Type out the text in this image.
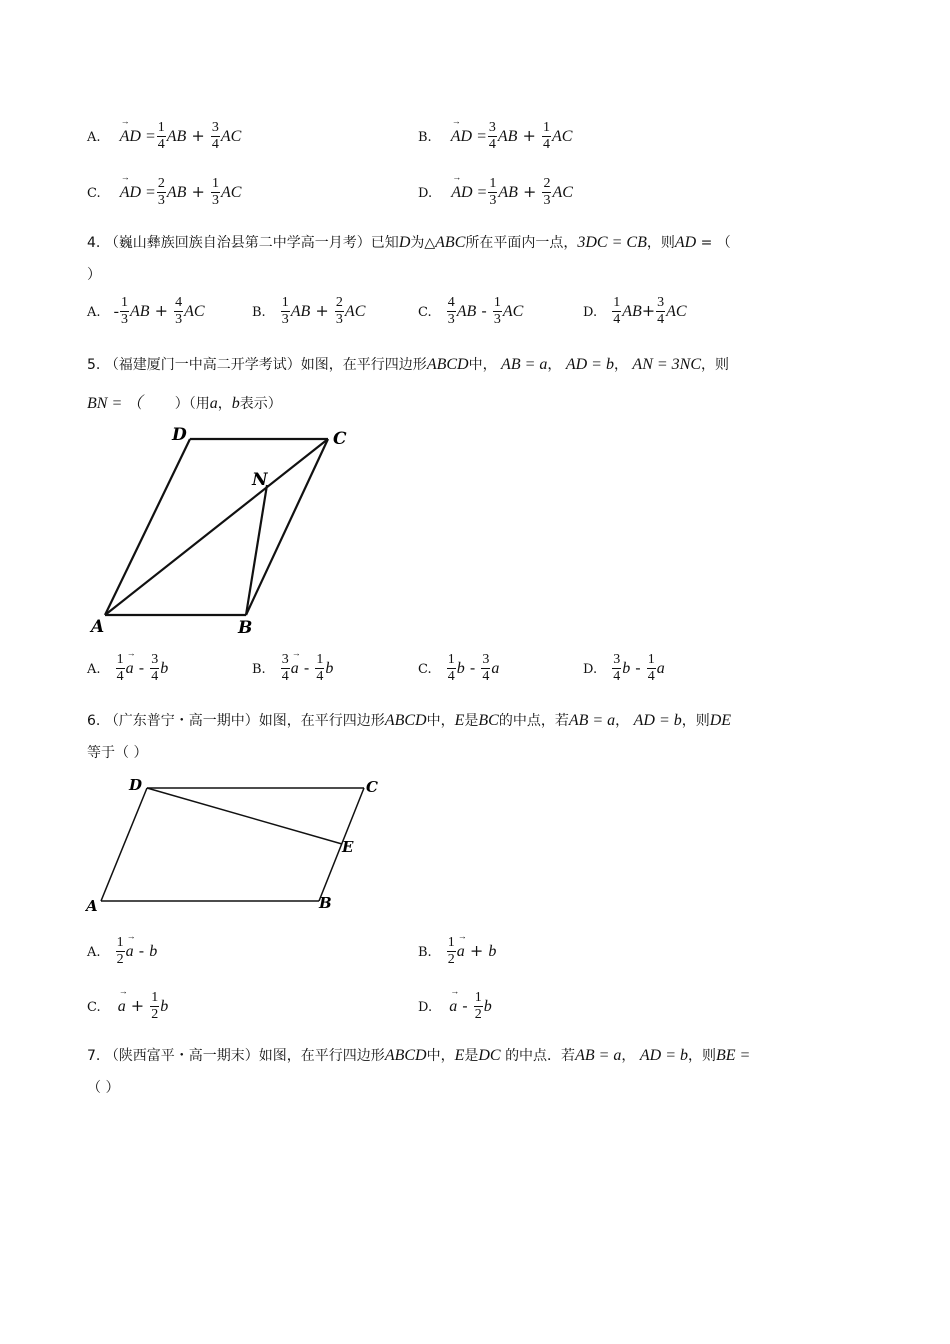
A. → AD = $\frac{1}{4}$ AB + $\frac{3}{4}$ AC	B. → AD = $\frac{3}{4}$ AB + $\frac{1}{4}$ AC
C. → AD = $\frac{2}{3}$ AB + $\frac{1}{3}$ AC	D. → AD = $\frac{1}{3}$ AB + $\frac{2}{3}$ AC
4. （巍山彝族回族自治县第二中学高一月考）已知D为△ABC所在平面内一点，3DC = CB，则AD = （
）
A. - $\frac{1}{3}$ AB + $\frac{4}{3}$ AC	B. $\frac{1}{3}$ AB + $\frac{2}{3}$ AC	C. $\frac{4}{3}$ AB - $\frac{1}{3}$ AC	D. $\frac{1}{4} AB+ \frac{3}{4}$ AC
5. （福建厦门一中高二开学考试）如图，在平行四边形ABCD中， AB = a， AD = b， AN = 3NC，则
BN = （ ）（用a，b表示）
D	C
N
A	B
A. $\frac{1}{4}$
→ a - $\frac{3}{4}$ b	B. $\frac{3}{4}$
→ a - $\frac{1}{4}$ b	C. $\frac{1}{4}$ b - $\frac{3}{4}$ a	D. $\frac{3}{4}$ b - $\frac{1}{4}$ a
6. （广东普宁・高一期中）如图，在平行四边形ABCD中，E是BC的中点，若AB = a， AD = b，则DE
等于（ ）
D	C
E
A	B
A. $\frac{1}{2}$
→ a - b	B. $\frac{1}{2}$
→ a + b
C. → $a + \frac{1}{2}$ b	D. → a - $\frac{1}{2}$ b
7. （陕西富平・高一期末）如图，在平行四边形ABCD中，E是DC 的中点．若AB = a， AD = b，则BE =
（ ）
